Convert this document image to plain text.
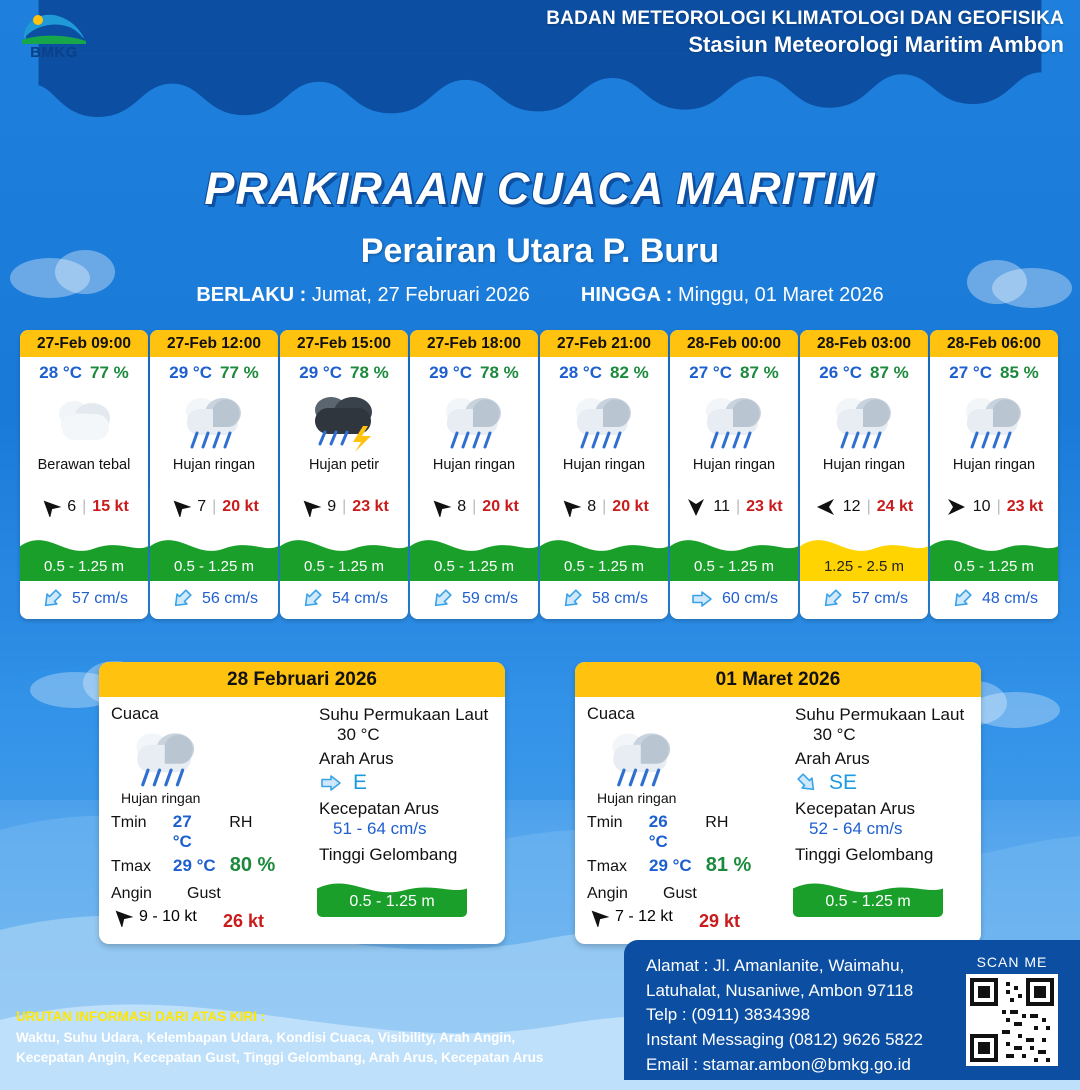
BMKG
BADAN METEOROLOGI KLIMATOLOGI DAN GEOFISIKA
Stasiun Meteorologi Maritim Ambon
PRAKIRAAN CUACA MARITIM
Perairan Utara P. Buru
BERLAKU : Jumat, 27 Februari 2026	HINGGA : Minggu, 01 Maret 2026
27-Feb 09:00
28 °C 77 %
Berawan tebal
6 | 15 kt
0.5 - 1.25 m
57 cm/s
27-Feb 12:00
29 °C 77 %
Hujan ringan
7 | 20 kt
0.5 - 1.25 m
56 cm/s
27-Feb 15:00
29 °C 78 %
Hujan petir
9 | 23 kt
0.5 - 1.25 m
54 cm/s
27-Feb 18:00
29 °C 78 %
Hujan ringan
8 | 20 kt
0.5 - 1.25 m
59 cm/s
27-Feb 21:00
28 °C 82 %
Hujan ringan
8 | 20 kt
0.5 - 1.25 m
58 cm/s
28-Feb 00:00
27 °C 87 %
Hujan ringan
11 | 23 kt
0.5 - 1.25 m
60 cm/s
28-Feb 03:00
26 °C 87 %
Hujan ringan
12 | 24 kt
1.25 - 2.5 m
57 cm/s
28-Feb 06:00
27 °C 85 %
Hujan ringan
10 | 23 kt
0.5 - 1.25 m
48 cm/s
28 Februari 2026
Cuaca
Hujan ringan
Tmin	27 °C
RH
Tmax	29 °C 80 %
Angin	Gust
9 - 10 kt 26 kt
Suhu Permukaan Laut
30 °C
Arah Arus
E
Kecepatan Arus
51 - 64 cm/s
Tinggi Gelombang
0.5 - 1.25 m
01 Maret 2026
Cuaca
Hujan ringan
Tmin	26 °C
RH
Tmax	29 °C 81 %
Angin	Gust
7 - 12 kt 29 kt
Suhu Permukaan Laut
30 °C
Arah Arus
SE
Kecepatan Arus
52 - 64 cm/s
Tinggi Gelombang
0.5 - 1.25 m
Alamat : Jl. Amanlanite, Waimahu,
Latuhalat, Nusaniwe, Ambon 97118
Telp : (0911) 3834398
Instant Messaging (0812) 9626 5822
Email : stamar.ambon@bmkg.go.id
SCAN ME
URUTAN INFORMASI DARI ATAS KIRI :
Waktu, Suhu Udara, Kelembapan Udara, Kondisi Cuaca, Visibility, Arah Angin,
Kecepatan Angin, Kecepatan Gust, Tinggi Gelombang, Arah Arus, Kecepatan Arus
